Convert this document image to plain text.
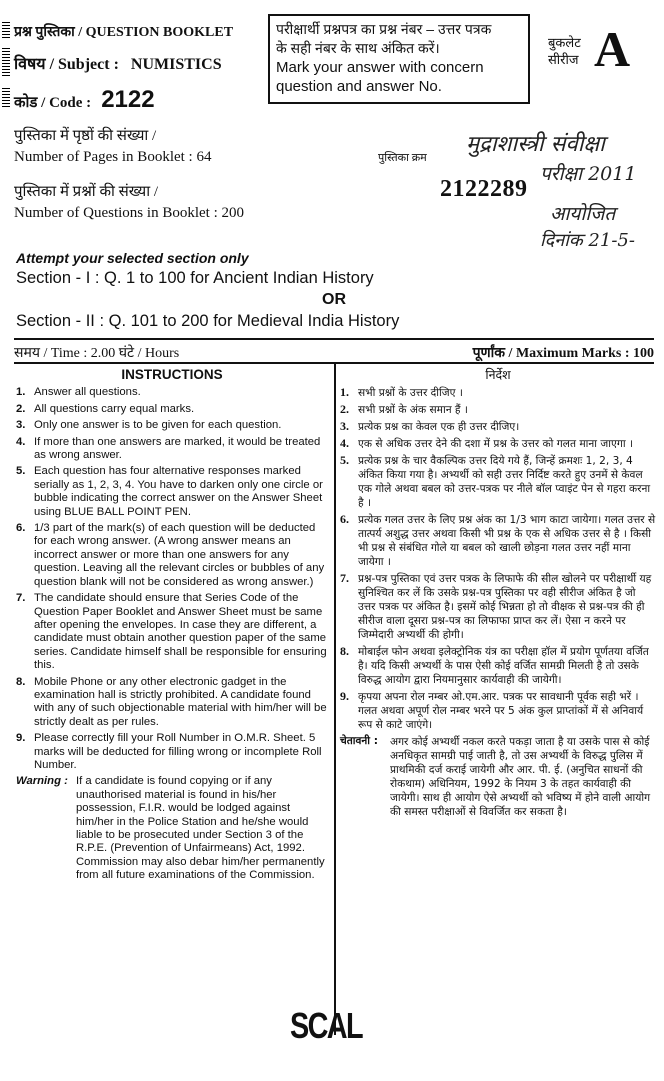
प्रश्न पुस्तिका / QUESTION BOOKLET
विषय / Subject : NUMISTICS
कोड / Code : 2122
पुस्तिका में पृष्ठों की संख्या /
Number of Pages in Booklet : 64
पुस्तिका में प्रश्नों की संख्या /
Number of Questions in Booklet : 200
परीक्षार्थी प्रश्नपत्र का प्रश्न नंबर – उत्तर पत्रक
के सही नंबर के साथ अंकित करें।
Mark your answer with concern
question and answer No.
बुकलेट
सीरीज A
पुस्तिका क्रम
2122289
मुद्राशास्त्री संवीक्षा
परीक्षा 2011
आयोजित
दिनांक 21-5-
Attempt your selected section only
Section - I : Q. 1 to 100 for Ancient Indian History
OR
Section - II : Q. 101 to 200 for Medieval India History
समय / Time : 2.00 घंटे / Hours	पूर्णांक / Maximum Marks : 100
INSTRUCTIONS
1. Answer all questions.
2. All questions carry equal marks.
3. Only one answer is to be given for each question.
4. If more than one answers are marked, it would be treated as wrong answer.
5. Each question has four alternative responses marked serially as 1, 2, 3, 4. You have to darken only one circle or bubble indicating the correct answer on the Answer Sheet using BLUE BALL POINT PEN.
6. 1/3 part of the mark(s) of each question will be deducted for each wrong answer. (A wrong answer means an incorrect answer or more than one answers for any question. Leaving all the relevant circles or bubbles of any question blank will not be considered as wrong answer.)
7. The candidate should ensure that Series Code of the Question Paper Booklet and Answer Sheet must be same after opening the envelopes. In case they are different, a candidate must obtain another question paper of the same series. Candidate himself shall be responsible for ensuring this.
8. Mobile Phone or any other electronic gadget in the examination hall is strictly prohibited. A candidate found with any of such objectionable material with him/her will be strictly dealt as per rules.
9. Please correctly fill your Roll Number in O.M.R. Sheet. 5 marks will be deducted for filling wrong or incomplete Roll Number.
Warning : If a candidate is found copying or if any unauthorised material is found in his/her possession, F.I.R. would be lodged against him/her in the Police Station and he/she would liable to be prosecuted under Section 3 of the R.P.E. (Prevention of Unfairmeans) Act, 1992. Commission may also debar him/her permanently from all future examinations of the Commission.
निर्देश
1. सभी प्रश्नों के उत्तर दीजिए ।
2. सभी प्रश्नों के अंक समान हैं ।
3. प्रत्येक प्रश्न का केवल एक ही उत्तर दीजिए।
4. एक से अधिक उत्तर देने की दशा में प्रश्न के उत्तर को गलत माना जाएगा ।
5. प्रत्येक प्रश्न के चार वैकल्पिक उत्तर दिये गये हैं, जिन्हें क्रमशः 1, 2, 3, 4 अंकित किया गया है। अभ्यर्थी को सही उत्तर निर्दिष्ट करते हुए उनमें से केवल एक गोले अथवा बबल को उत्तर-पत्रक पर नीले बॉल प्वाइंट पेन से गहरा करना है ।
6. प्रत्येक गलत उत्तर के लिए प्रश्न अंक का 1/3 भाग काटा जायेगा। गलत उत्तर से तात्पर्य अशुद्ध उत्तर अथवा किसी भी प्रश्न के एक से अधिक उत्तर से है । किसी भी प्रश्न से संबंधित गोले या बबल को खाली छोड़ना गलत उत्तर नहीं माना जायेगा ।
7. प्रश्न-पत्र पुस्तिका एवं उत्तर पत्रक के लिफाफे की सील खोलने पर परीक्षार्थी यह सुनिश्चित कर लें कि उसके प्रश्न-पत्र पुस्तिका पर वही सीरीज अंकित है जो उत्तर पत्रक पर अंकित है। इसमें कोई भिन्नता हो तो वीक्षक से प्रश्न-पत्र की ही सीरीज वाला दूसरा प्रश्न-पत्र का लिफाफा प्राप्त कर लें। ऐसा न करने पर जिम्मेदारी अभ्यर्थी की होगी।
8. मोबाईल फोन अथवा इलेक्ट्रोनिक यंत्र का परीक्षा हॉल में प्रयोग पूर्णतया वर्जित है। यदि किसी अभ्यर्थी के पास ऐसी कोई वर्जित सामग्री मिलती है तो उसके विरुद्ध आयोग द्वारा नियमानुसार कार्यवाही की जायेगी।
9. कृपया अपना रोल नम्बर ओ.एम.आर. पत्रक पर सावधानी पूर्वक सही भरें । गलत अथवा अपूर्ण रोल नम्बर भरने पर 5 अंक कुल प्राप्तांकों में से अनिवार्य रूप से काटे जाएंगे।
चेतावनी :	अगर कोई अभ्यर्थी नकल करते पकड़ा जाता है या उसके पास से कोई अनधिकृत सामग्री पाई जाती है, तो उस अभ्यर्थी के विरुद्ध पुलिस में प्राथमिकी दर्ज कराई जायेगी और आर. पी. ई. (अनुचित साधनों की रोकथाम) अधिनियम, 1992 के नियम 3 के तहत कार्यवाही की जायेगी। साथ ही आयोग ऐसे अभ्यर्थी को भविष्य में होने वाली आयोग की समस्त परीक्षाओं से विवर्जित कर सकता है।
SCAL
